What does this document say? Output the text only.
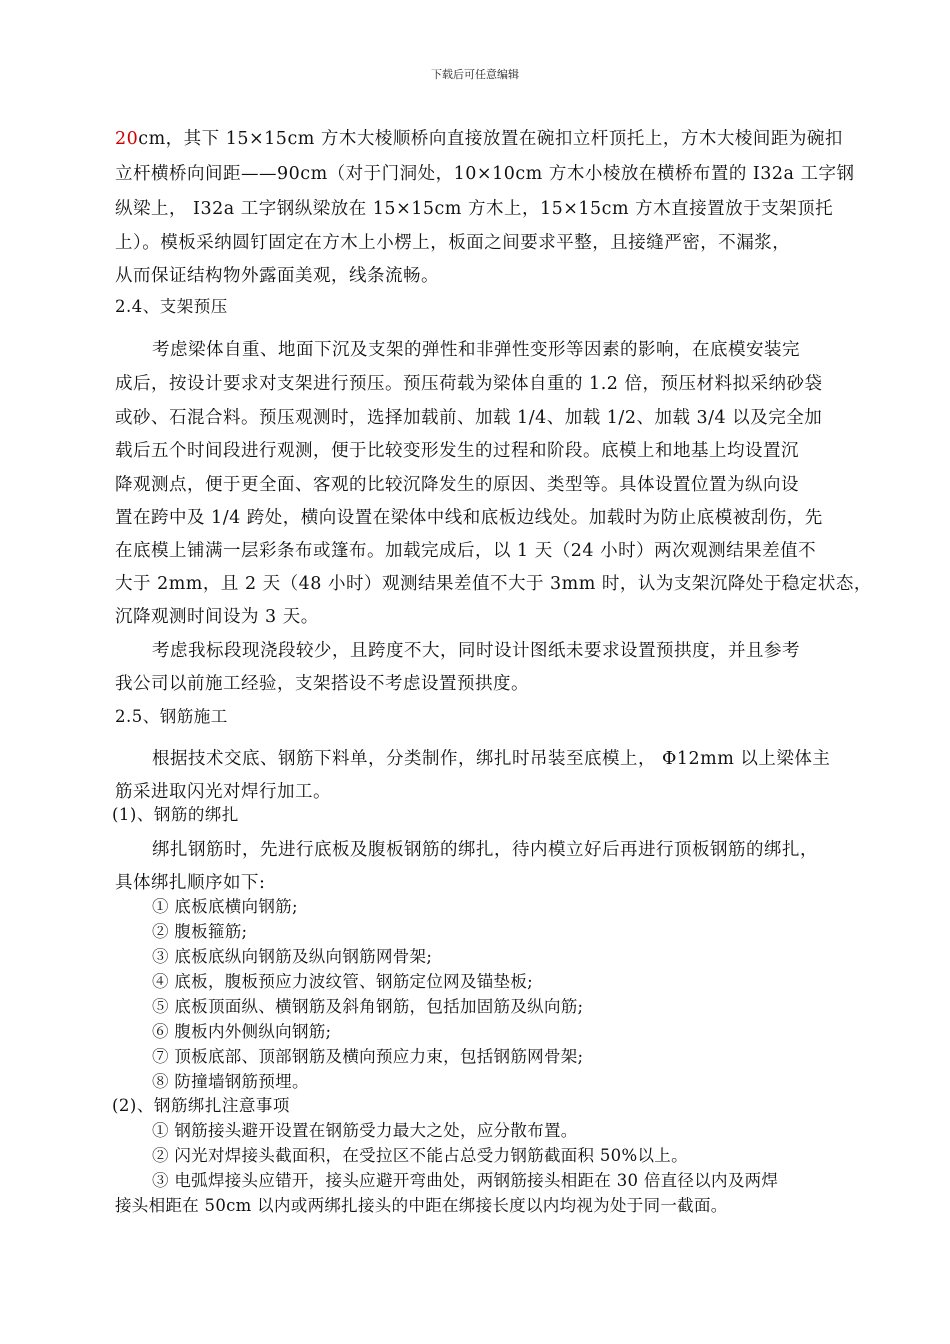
下载后可任意编辑
20cm，其下 15×15cm 方木大棱顺桥向直接放置在碗扣立杆顶托上，方木大棱间距为碗扣
立杆横桥向间距——90cm（对于门洞处，10×10cm 方木小棱放在横桥布置的 I32a 工字钢
纵梁上， I32a 工字钢纵梁放在 15×15cm 方木上，15×15cm 方木直接置放于支架顶托
上）。模板采纳圆钉固定在方木上小楞上，板面之间要求平整，且接缝严密，不漏浆，
从而保证结构物外露面美观，线条流畅。
2.4、支架预压
考虑梁体自重、地面下沉及支架的弹性和非弹性变形等因素的影响，在底模安装完
成后，按设计要求对支架进行预压。预压荷载为梁体自重的 1.2 倍，预压材料拟采纳砂袋
或砂、石混合料。预压观测时，选择加载前、加载 1/4、加载 1/2、加载 3/4 以及完全加
载后五个时间段进行观测，便于比较变形发生的过程和阶段。底模上和地基上均设置沉
降观测点，便于更全面、客观的比较沉降发生的原因、类型等。具体设置位置为纵向设
置在跨中及 1/4 跨处，横向设置在梁体中线和底板边线处。加载时为防止底模被刮伤，先
在底模上铺满一层彩条布或篷布。加载完成后，以 1 天（24 小时）两次观测结果差值不
大于 2mm，且 2 天（48 小时）观测结果差值不大于 3mm 时，认为支架沉降处于稳定状态，
沉降观测时间设为 3 天。
考虑我标段现浇段较少，且跨度不大，同时设计图纸未要求设置预拱度，并且参考
我公司以前施工经验，支架搭设不考虑设置预拱度。
2.5、钢筋施工
根据技术交底、钢筋下料单，分类制作，绑扎时吊装至底模上， Φ12mm 以上梁体主
筋采进取闪光对焊行加工。
(1)、钢筋的绑扎
绑扎钢筋时，先进行底板及腹板钢筋的绑扎，待内模立好后再进行顶板钢筋的绑扎，
具体绑扎顺序如下:
① 底板底横向钢筋;
② 腹板箍筋;
③ 底板底纵向钢筋及纵向钢筋网骨架;
④ 底板，腹板预应力波纹管、钢筋定位网及锚垫板;
⑤ 底板顶面纵、横钢筋及斜角钢筋，包括加固筋及纵向筋;
⑥ 腹板内外侧纵向钢筋;
⑦ 顶板底部、顶部钢筋及横向预应力束，包括钢筋网骨架;
⑧ 防撞墙钢筋预埋。
(2)、钢筋绑扎注意事项
① 钢筋接头避开设置在钢筋受力最大之处，应分散布置。
② 闪光对焊接头截面积，在受拉区不能占总受力钢筋截面积 50%以上。
③ 电弧焊接头应错开，接头应避开弯曲处，两钢筋接头相距在 30 倍直径以内及两焊
接头相距在 50cm 以内或两绑扎接头的中距在绑接长度以内均视为处于同一截面。
